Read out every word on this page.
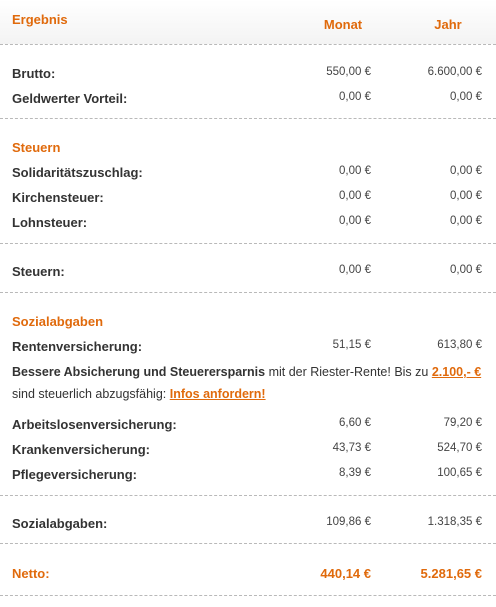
Ergebnis	Monat	Jahr
Brutto:	550,00 €	6.600,00 €
Geldwerter Vorteil:	0,00 €	0,00 €
Steuern
Solidaritätszuschlag:	0,00 €	0,00 €
Kirchensteuer:	0,00 €	0,00 €
Lohnsteuer:	0,00 €	0,00 €
Steuern:	0,00 €	0,00 €
Sozialabgaben
Rentenversicherung:	51,15 €	613,80 €
Bessere Absicherung und Steuerersparnis mit der Riester-Rente! Bis zu 2.100,- € sind steuerlich abzugsfähig: Infos anfordern!
Arbeitslosenversicherung:	6,60 €	79,20 €
Krankenversicherung:	43,73 €	524,70 €
Pflegeversicherung:	8,39 €	100,65 €
Sozialabgaben:	109,86 €	1.318,35 €
Netto:	440,14 €	5.281,65 €
